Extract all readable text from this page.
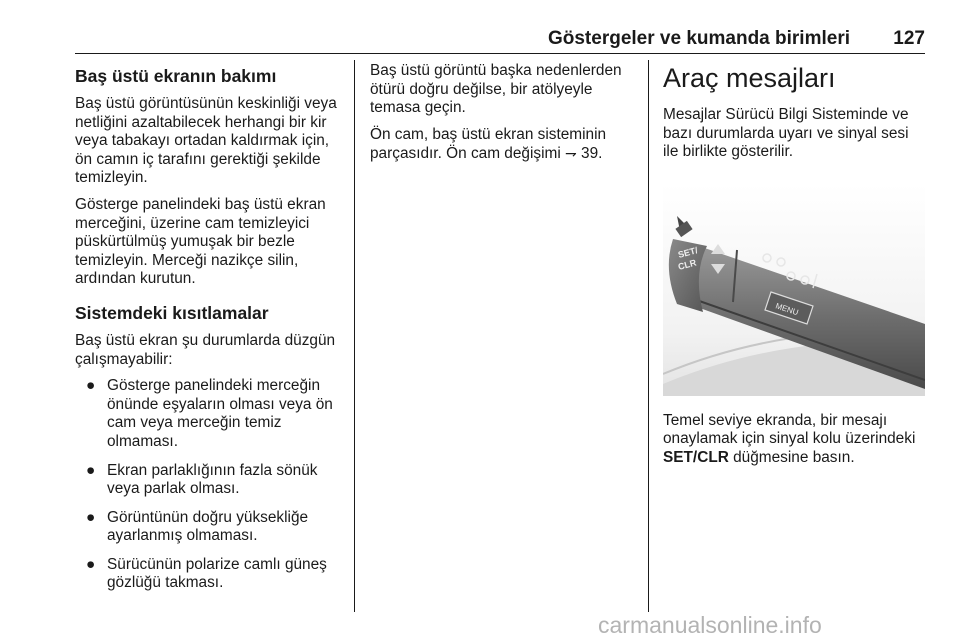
Göstergeler ve kumanda birimleri 127
Baş üstü ekranın bakımı

Baş üstü görüntüsünün keskinliği veya netliğini azaltabilecek herhangi bir kir veya tabakayı ortadan kaldırmak için, ön camın iç tarafını gerektiği şekilde temizleyin.

Gösterge panelindeki baş üstü ekran merceğini, üzerine cam temizleyici püskürtülmüş yumuşak bir bezle temizleyin. Merceği nazikçe silin, ardından kurutun.

Sistemdeki kısıtlamalar

Baş üstü ekran şu durumlarda düzgün çalışmayabilir:

● Gösterge panelindeki merceğin önünde eşyaların olması veya ön cam veya merceğin temiz olmaması.
● Ekran parlaklığının fazla sönük veya parlak olması.
● Görüntünün doğru yüksekliğe ayarlanmış olmaması.
● Sürücünün polarize camlı güneş gözlüğü takması.

Baş üstü görüntü başka nedenlerden ötürü doğru değilse, bir atölyeyle temasa geçin.

Ön cam, baş üstü ekran sisteminin parçasıdır. Ön cam değişimi ⇁ 39.

Araç mesajları

Mesajlar Sürücü Bilgi Sisteminde ve bazı durumlarda uyarı ve sinyal sesi ile birlikte gösterilir.

SET/
CLR
MENU

Temel seviye ekranda, bir mesajı onaylamak için sinyal kolu üzerindeki SET/CLR düğmesine basın.

carmanualsonline.info
